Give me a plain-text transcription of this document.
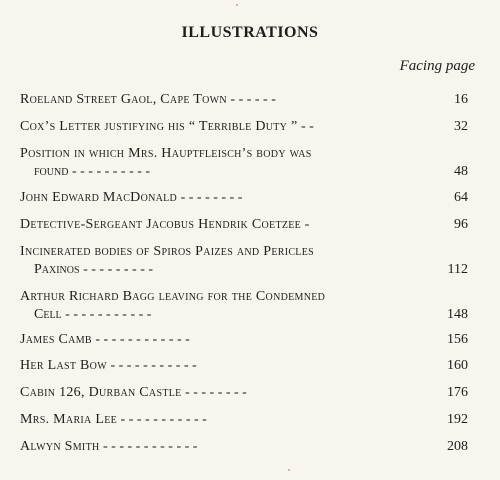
ILLUSTRATIONS
Facing page
Roeland Street Gaol, Cape Town - - - - - -	16
Cox’s Letter justifying his “ Terrible Duty ” - -	32
Position in which Mrs. Hauptfleisch’s body was
found - - - - - - - - - -	48
John Edward MacDonald - - - - - - - -	64
Detective-Sergeant Jacobus Hendrik Coetzee -	96
Incinerated bodies of Spiros Paizes and Pericles
Paxinos - - - - - - - - -	112
Arthur Richard Bagg leaving for the Condemned
Cell - - - - - - - - - - -	148
James Camb - - - - - - - - - - - -	156
Her Last Bow - - - - - - - - - - -	160
Cabin 126, Durban Castle - - - - - - - -	176
Mrs. Maria Lee - - - - - - - - - - -	192
Alwyn Smith - - - - - - - - - - - -	208
